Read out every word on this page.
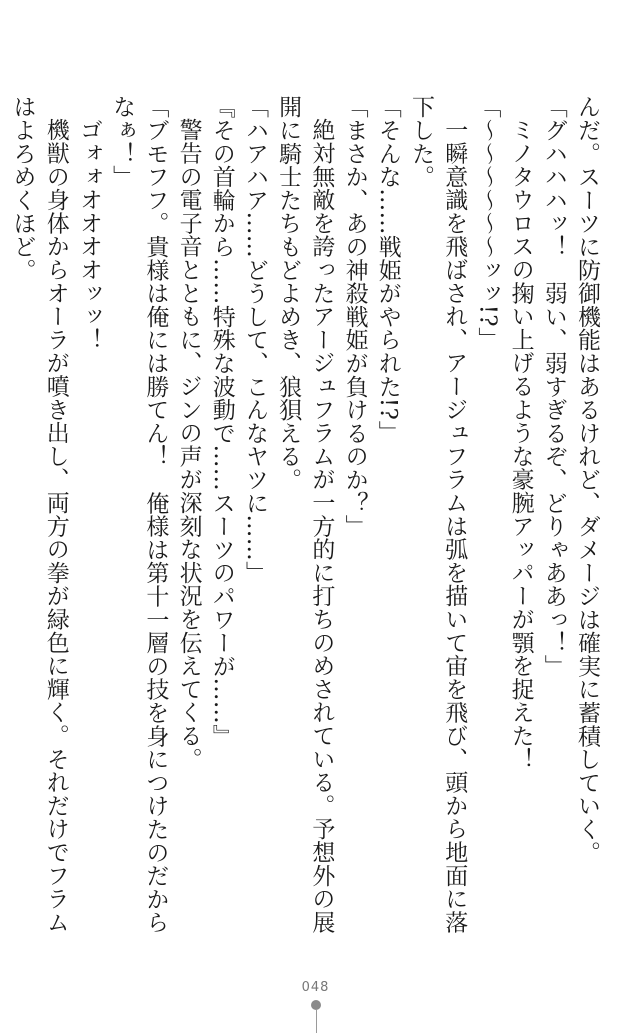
んだ。スーツに防御機能はあるけれど、ダメージは確実に蓄積していく。

「グハハハッ！　弱い、弱すぎるぞ、どりゃああっ！」

ミノタウロスの掬い上げるような豪腕アッパーが顎を捉えた！

「～～～～～～ッッ!?」

一瞬意識を飛ばされ、アージュフラムは弧を描いて宙を飛び、頭から地面に落下した。

「そんな……戦姫がやられた!?」

「まさか、あの神殺戦姫が負けるのか？」

絶対無敵を誇ったアージュフラムが一方的に打ちのめされている。予想外の展開に騎士たちもどよめき、狼狽える。

「ハアハア……どうして、こんなヤツに……」

『その首輪から……特殊な波動で……スーツのパワーが……』

警告の電子音とともに、ジンの声が深刻な状況を伝えてくる。

「ブモフフ。貴様は俺には勝てん！　俺様は第十一層の技を身につけたのだからなぁ！」

ゴォォオオオオッッ！

機獣の身体からオーラが噴き出し、両方の拳が緑色に輝く。それだけでフラムはよろめくほど。

048
